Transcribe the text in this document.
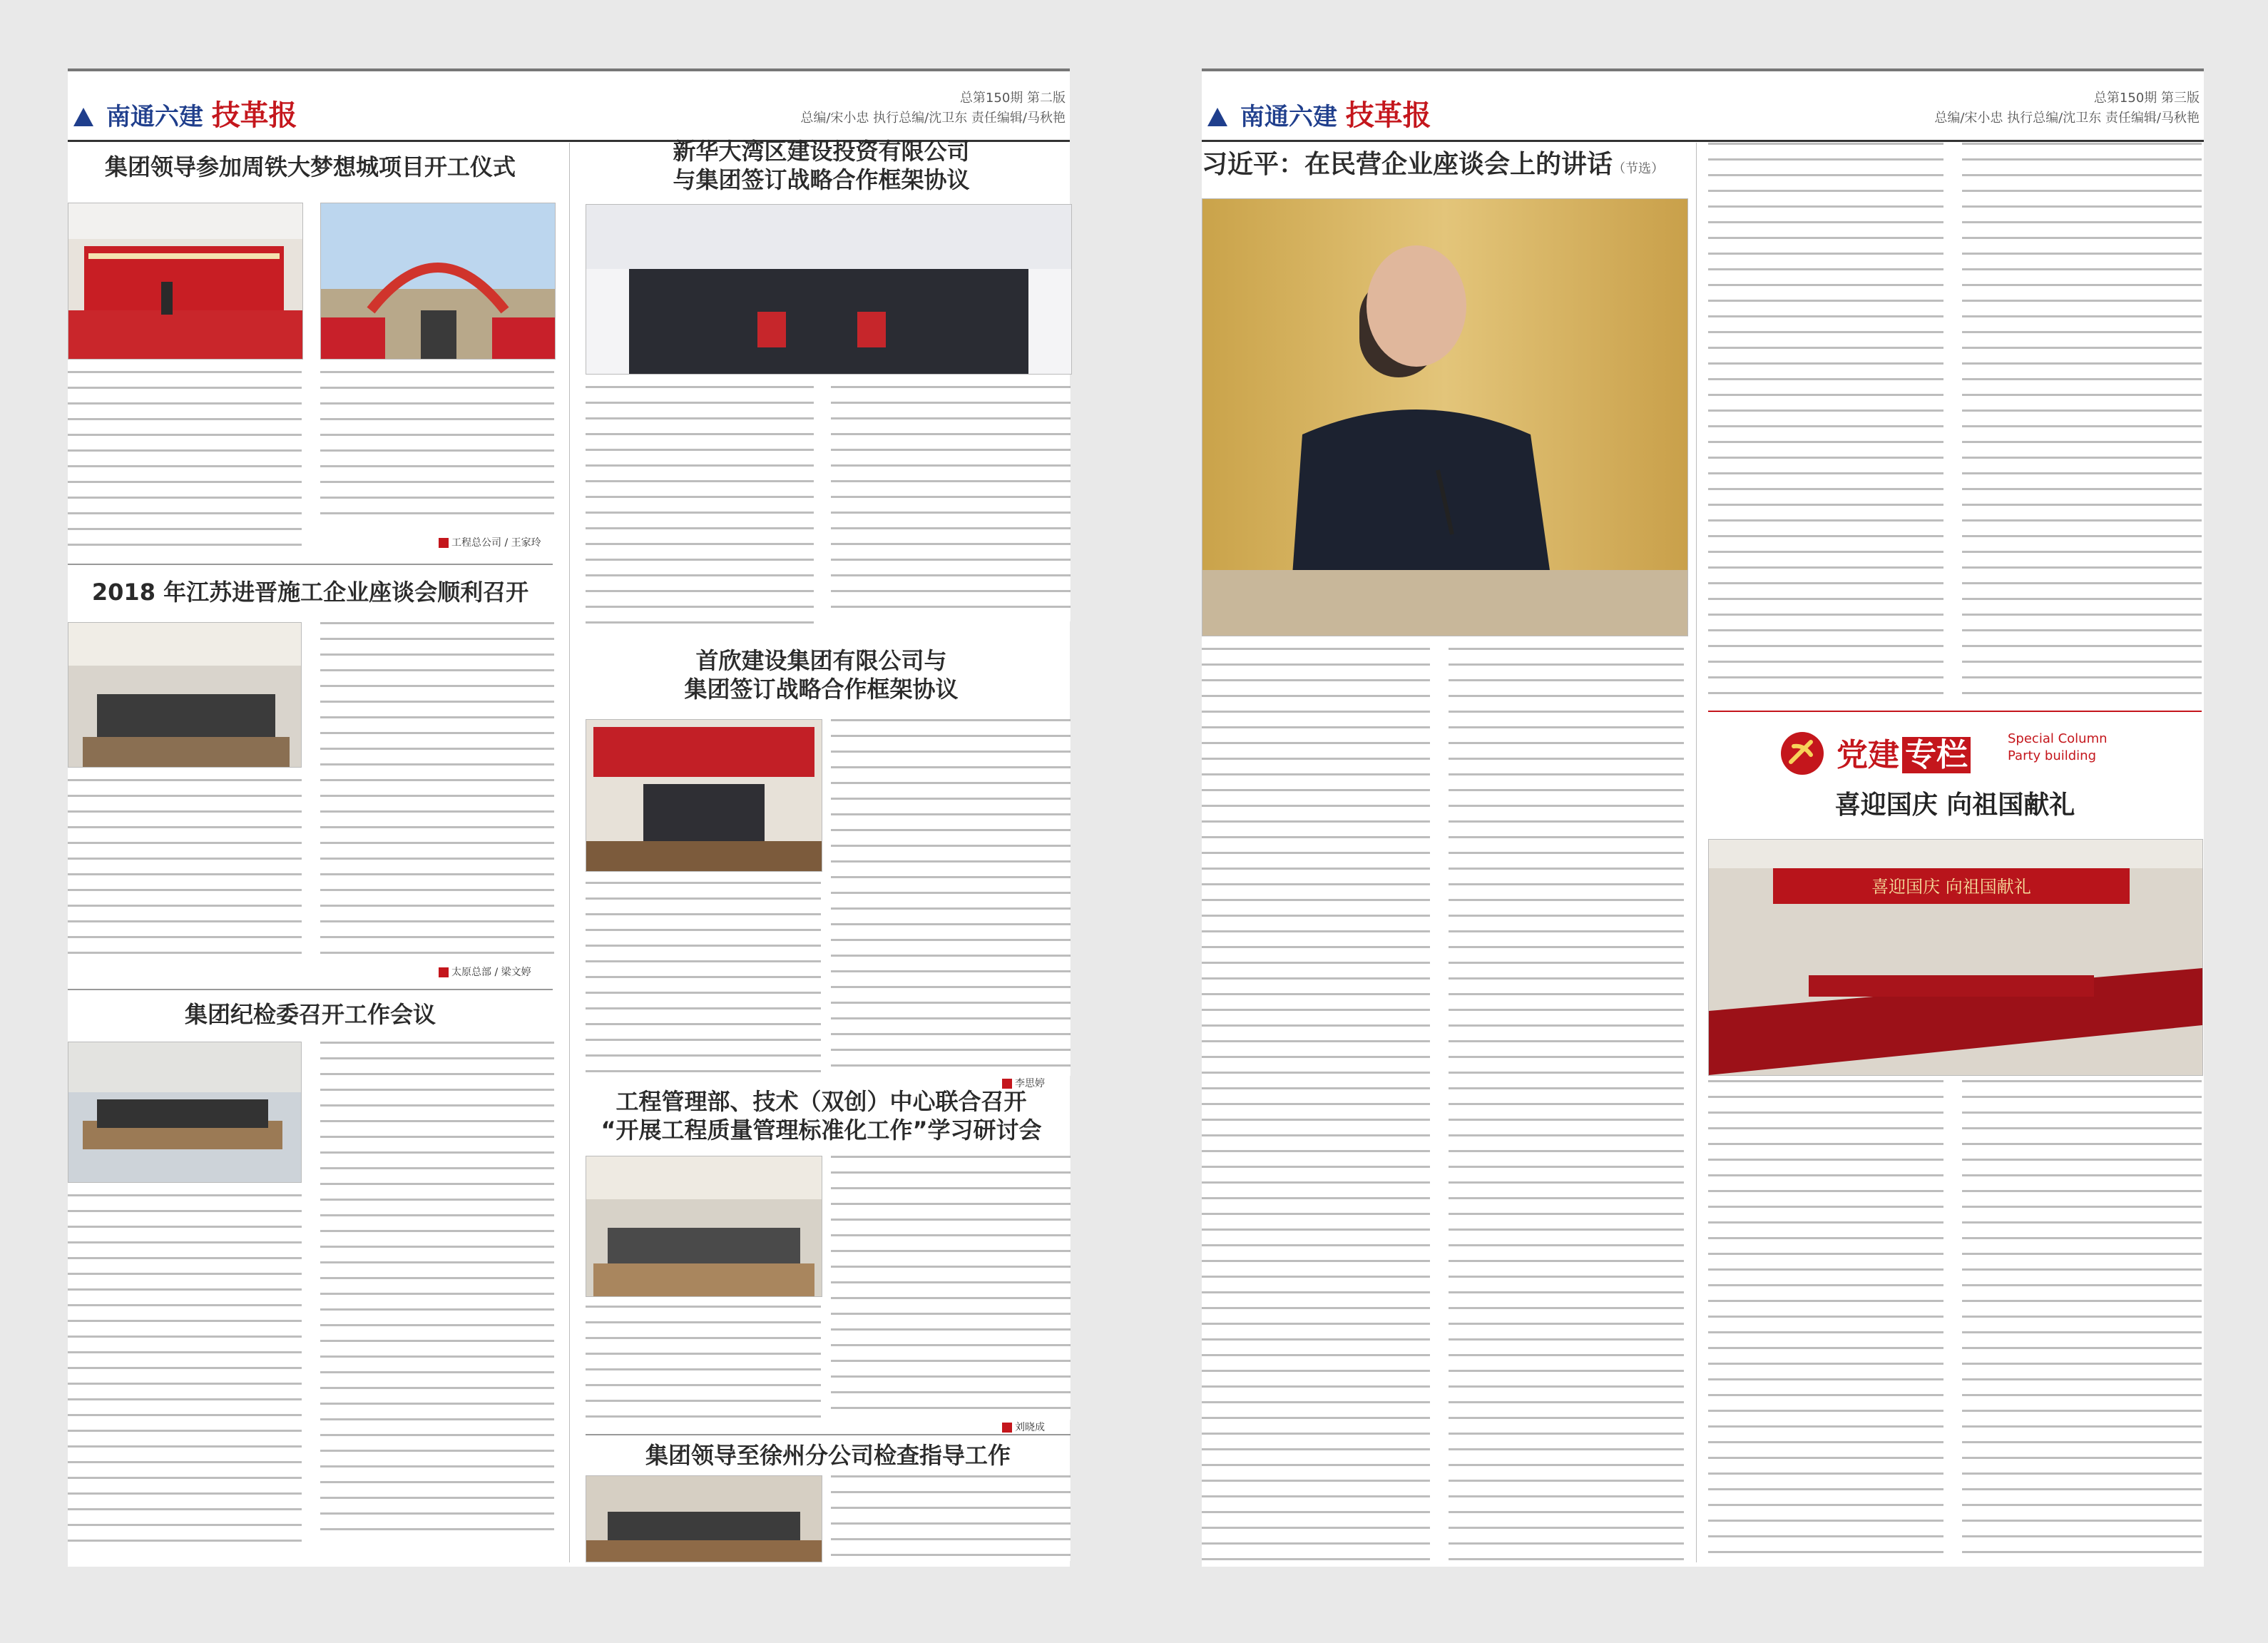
南通六建 技革报
总第150期 第二版
总编/宋小忠 执行总编/沈卫东 责任编辑/马秋艳
集团领导参加周铁大梦想城项目开工仪式
工程总公司 / 王家玲
新华大湾区建设投资有限公司
与集团签订战略合作框架协议
2018 年江苏进晋施工企业座谈会顺利召开
太原总部 / 梁文婷
首欣建设集团有限公司与
集团签订战略合作框架协议
李思婷
集团纪检委召开工作会议
工程管理部、技术（双创）中心联合召开
“开展工程质量管理标准化工作”学习研讨会
刘晓成
集团领导至徐州分公司检查指导工作
南通六建 技革报
总第150期 第三版
总编/宋小忠 执行总编/沈卫东 责任编辑/马秋艳
习近平：在民营企业座谈会上的讲话（节选）
党建 专栏	Special Column
Party building
喜迎国庆 向祖国献礼
喜迎国庆 向祖国献礼
